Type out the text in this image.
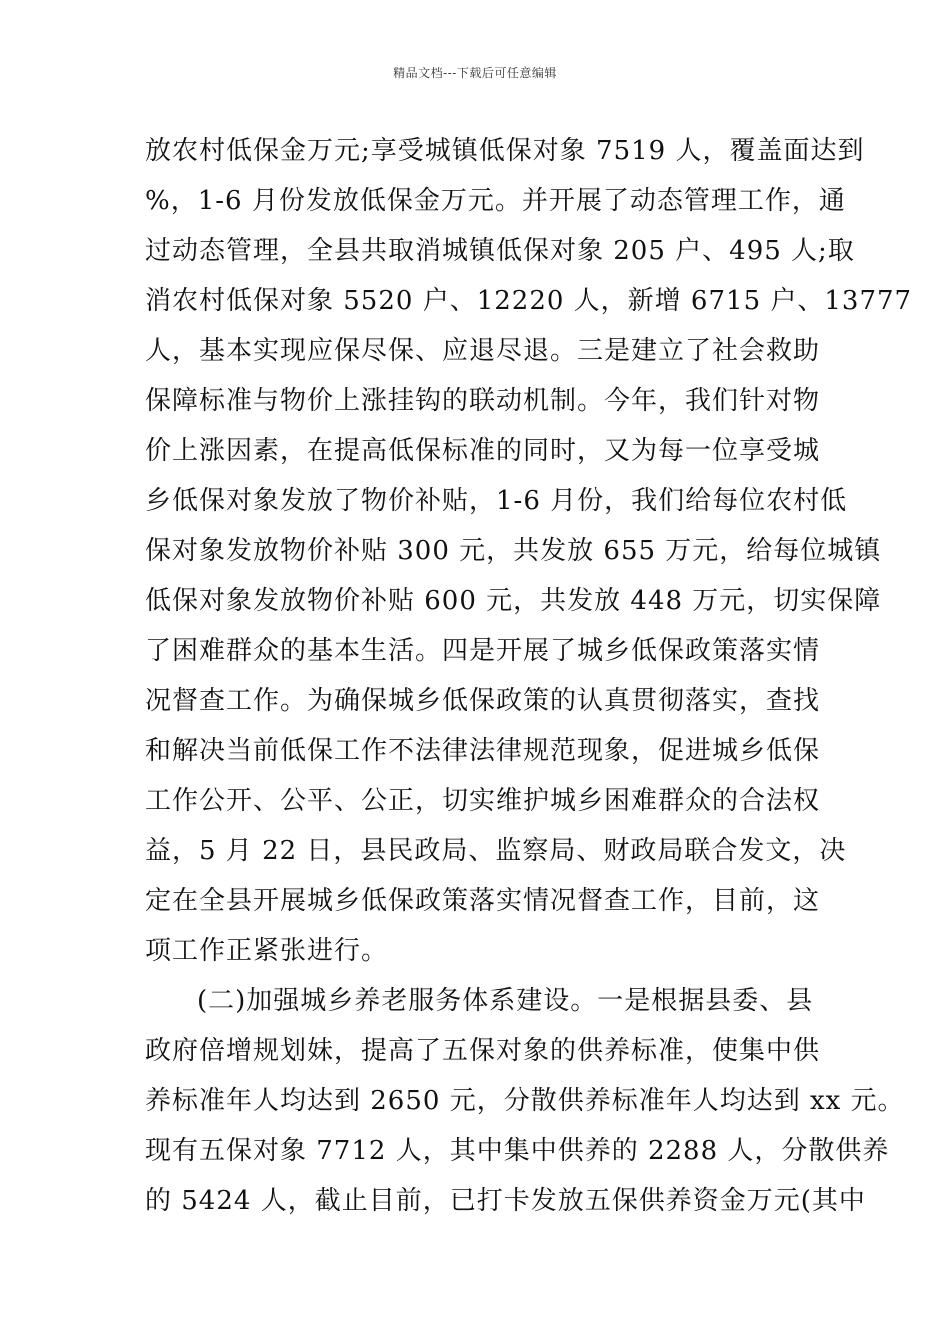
精品文档---下载后可任意编辑
放农村低保金万元;享受城镇低保对象 7519 人，覆盖面达到
%，1-6 月份发放低保金万元。并开展了动态管理工作，通
过动态管理，全县共取消城镇低保对象 205 户、495 人;取
消农村低保对象 5520 户、12220 人，新增 6715 户、13777
人，基本实现应保尽保、应退尽退。三是建立了社会救助
保障标准与物价上涨挂钩的联动机制。今年，我们针对物
价上涨因素，在提高低保标准的同时，又为每一位享受城
乡低保对象发放了物价补贴，1-6 月份，我们给每位农村低
保对象发放物价补贴 300 元，共发放 655 万元，给每位城镇
低保对象发放物价补贴 600 元，共发放 448 万元，切实保障
了困难群众的基本生活。四是开展了城乡低保政策落实情
况督查工作。为确保城乡低保政策的认真贯彻落实，查找
和解决当前低保工作不法律法律规范现象，促进城乡低保
工作公开、公平、公正，切实维护城乡困难群众的合法权
益，5 月 22 日，县民政局、监察局、财政局联合发文，决
定在全县开展城乡低保政策落实情况督查工作，目前，这
项工作正紧张进行。
(二)加强城乡养老服务体系建设。一是根据县委、县
政府倍增规划妹，提高了五保对象的供养标准，使集中供
养标准年人均达到 2650 元，分散供养标准年人均达到 xx 元。
现有五保对象 7712 人，其中集中供养的 2288 人，分散供养
的 5424 人，截止目前，已打卡发放五保供养资金万元(其中
